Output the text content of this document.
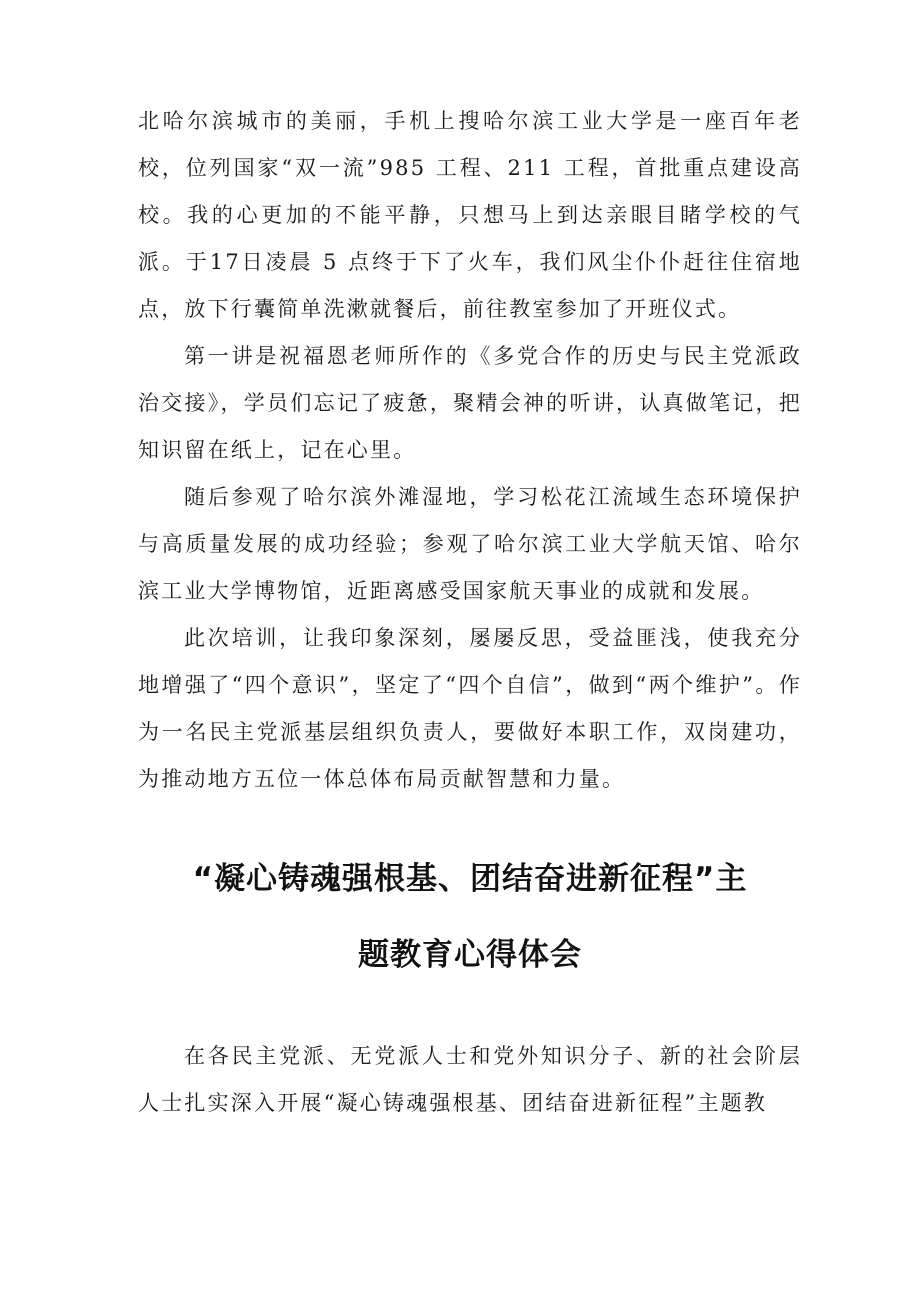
北哈尔滨城市的美丽，手机上搜哈尔滨工业大学是一座百年老校，位列国家“双一流”985 工程、211 工程，首批重点建设高校。我的心更加的不能平静，只想马上到达亲眼目睹学校的气派。于17日凌晨 5 点终于下了火车，我们风尘仆仆赶往住宿地点，放下行囊简单洗漱就餐后，前往教室参加了开班仪式。

第一讲是祝福恩老师所作的《多党合作的历史与民主党派政治交接》，学员们忘记了疲惫，聚精会神的听讲，认真做笔记，把知识留在纸上，记在心里。

随后参观了哈尔滨外滩湿地，学习松花江流域生态环境保护与高质量发展的成功经验；参观了哈尔滨工业大学航天馆、哈尔滨工业大学博物馆，近距离感受国家航天事业的成就和发展。

此次培训，让我印象深刻，屡屡反思，受益匪浅，使我充分地增强了“四个意识”，坚定了“四个自信”，做到“两个维护”。作为一名民主党派基层组织负责人，要做好本职工作，双岗建功，为推动地方五位一体总体布局贡献智慧和力量。

“凝心铸魂强根基、团结奋进新征程”主

题教育心得体会

在各民主党派、无党派人士和党外知识分子、新的社会阶层人士扎实深入开展“凝心铸魂强根基、团结奋进新征程”主题教
